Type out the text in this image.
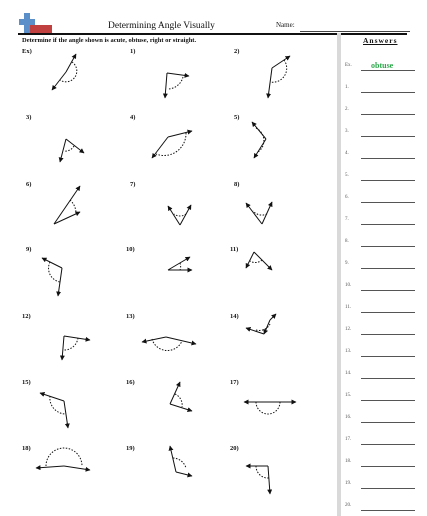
Determining Angle Visually	Name:
Determine if the angle shown is acute, obtuse, right or straight.
Ex)	1)	2)
3)	4)	5)
6)	7)	8)
9)	10)	11)
12)	13)	14)
15)	16)	17)
18)	19)	20)
Answers
Ex. obtuse
1.
2.
3.
4.
5.
6.
7.
8.
9.
10.
11.
12.
13.
14.
15.
16.
17.
18.
19.
20.
